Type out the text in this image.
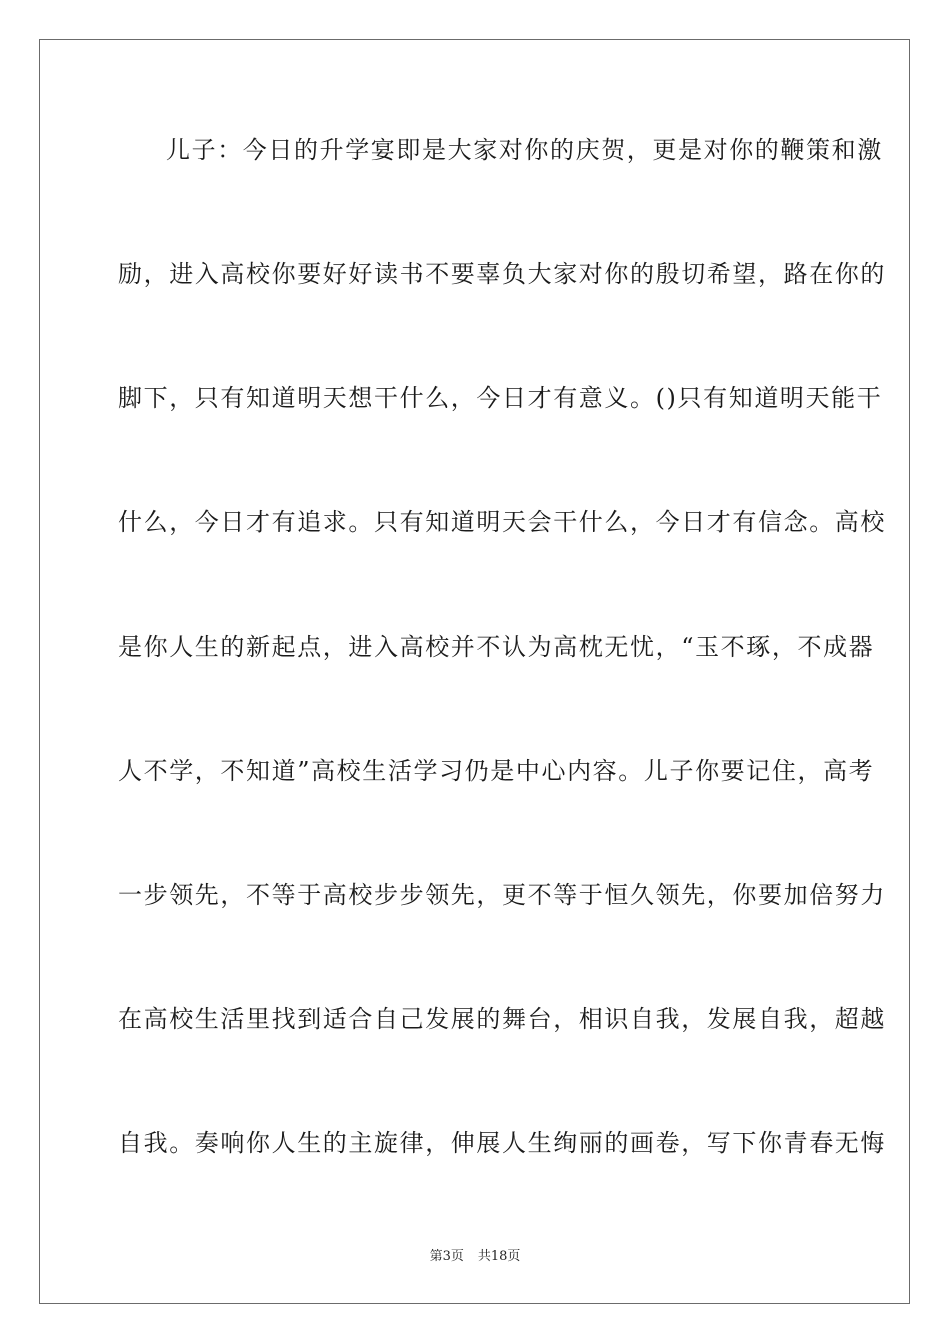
儿子：今日的升学宴即是大家对你的庆贺，更是对你的鞭策和激
励，进入高校你要好好读书不要辜负大家对你的殷切希望，路在你的
脚下，只有知道明天想干什么，今日才有意义。()只有知道明天能干
什么，今日才有追求。只有知道明天会干什么，今日才有信念。高校
是你人生的新起点，进入高校并不认为高枕无忧，“玉不琢，不成器
人不学，不知道”高校生活学习仍是中心内容。儿子你要记住，高考
一步领先，不等于高校步步领先，更不等于恒久领先，你要加倍努力
在高校生活里找到适合自己发展的舞台，相识自我，发展自我，超越
自我。奏响你人生的主旋律，伸展人生绚丽的画卷，写下你青春无悔
第3页 共18页
